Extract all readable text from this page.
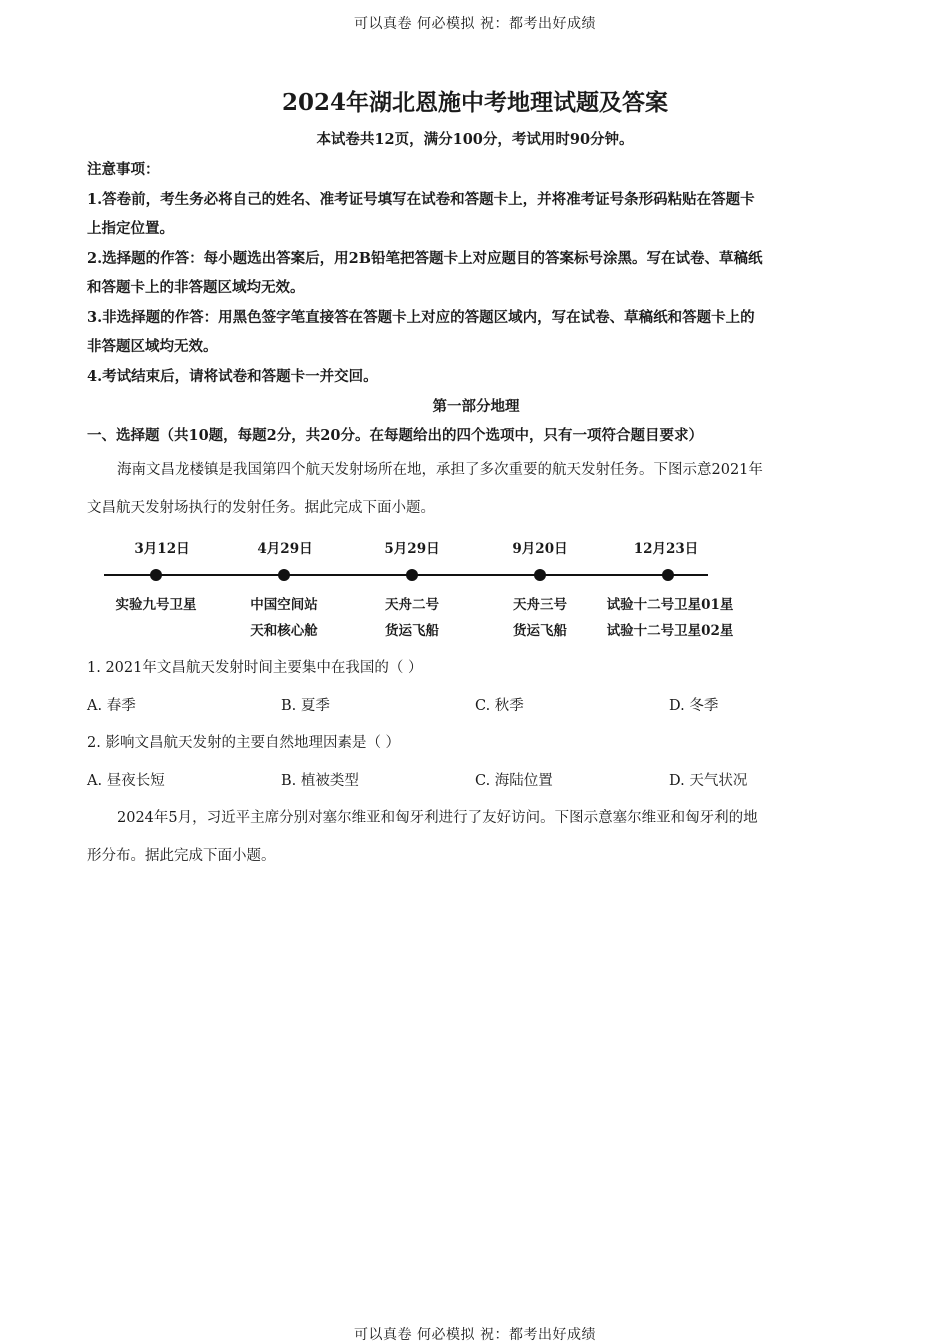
可以真卷 何必模拟 祝：都考出好成绩
2024年湖北恩施中考地理试题及答案
本试卷共12页，满分100分，考试用时90分钟。
注意事项：
1.答卷前，考生务必将自己的姓名、准考证号填写在试卷和答题卡上，并将准考证号条形码粘贴在答题卡
上指定位置。
2.选择题的作答：每小题选出答案后，用2B铅笔把答题卡上对应题目的答案标号涂黑。写在试卷、草稿纸
和答题卡上的非答题区域均无效。
3.非选择题的作答：用黑色签字笔直接答在答题卡上对应的答题区域内，写在试卷、草稿纸和答题卡上的
非答题区域均无效。
4.考试结束后，请将试卷和答题卡一并交回。
第一部分地理
一、选择题（共10题，每题2分，共20分。在每题给出的四个选项中，只有一项符合题目要求）
海南文昌龙楼镇是我国第四个航天发射场所在地，承担了多次重要的航天发射任务。下图示意2021年
文昌航天发射场执行的发射任务。据此完成下面小题。
3月12日
实验九号卫星
4月29日
中国空间站
天和核心舱
5月29日
天舟二号
货运飞船
9月20日
天舟三号
货运飞船
12月23日
试验十二号卫星01星
试验十二号卫星02星
1. 2021年文昌航天发射时间主要集中在我国的（ ）
A. 春季	B. 夏季	C. 秋季	D. 冬季
2. 影响文昌航天发射的主要自然地理因素是（ ）
A. 昼夜长短	B. 植被类型	C. 海陆位置	D. 天气状况
2024年5月，习近平主席分别对塞尔维亚和匈牙利进行了友好访问。下图示意塞尔维亚和匈牙利的地
形分布。据此完成下面小题。
可以真卷 何必模拟 祝：都考出好成绩
